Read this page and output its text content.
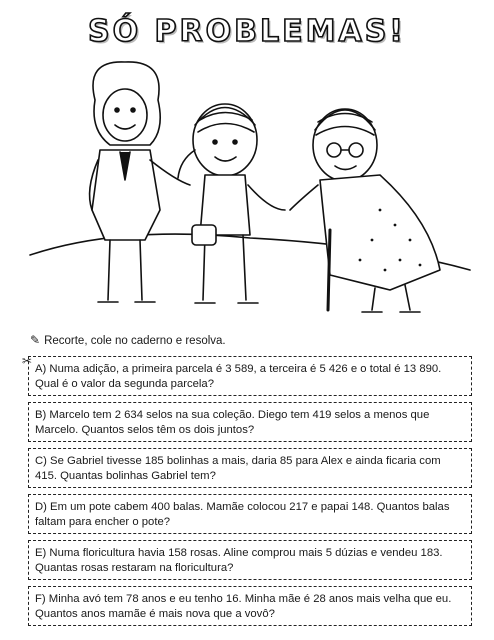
SÓ PROBLEMAS!
✎ Recorte, cole no caderno e resolva.
✂
A) Numa adição, a primeira parcela é 3 589, a terceira é 5 426 e o total é 13 890. Qual é o valor da segunda parcela?
B) Marcelo tem 2 634 selos na sua coleção. Diego tem 419 selos a menos que Marcelo. Quantos selos têm os dois juntos?
C) Se Gabriel tivesse 185 bolinhas a mais, daria 85 para Alex e ainda ficaria com 415. Quantas bolinhas Gabriel tem?
D) Em um pote cabem 400 balas. Mamãe colocou 217 e papai 148. Quantos balas faltam para encher o pote?
E) Numa floricultura havia 158 rosas. Aline comprou mais 5 dúzias e vendeu 183. Quantas rosas restaram na floricultura?
F) Minha avó tem 78 anos e eu tenho 16. Minha mãe é 28 anos mais velha que eu. Quantos anos mamãe é mais nova que a vovô?
